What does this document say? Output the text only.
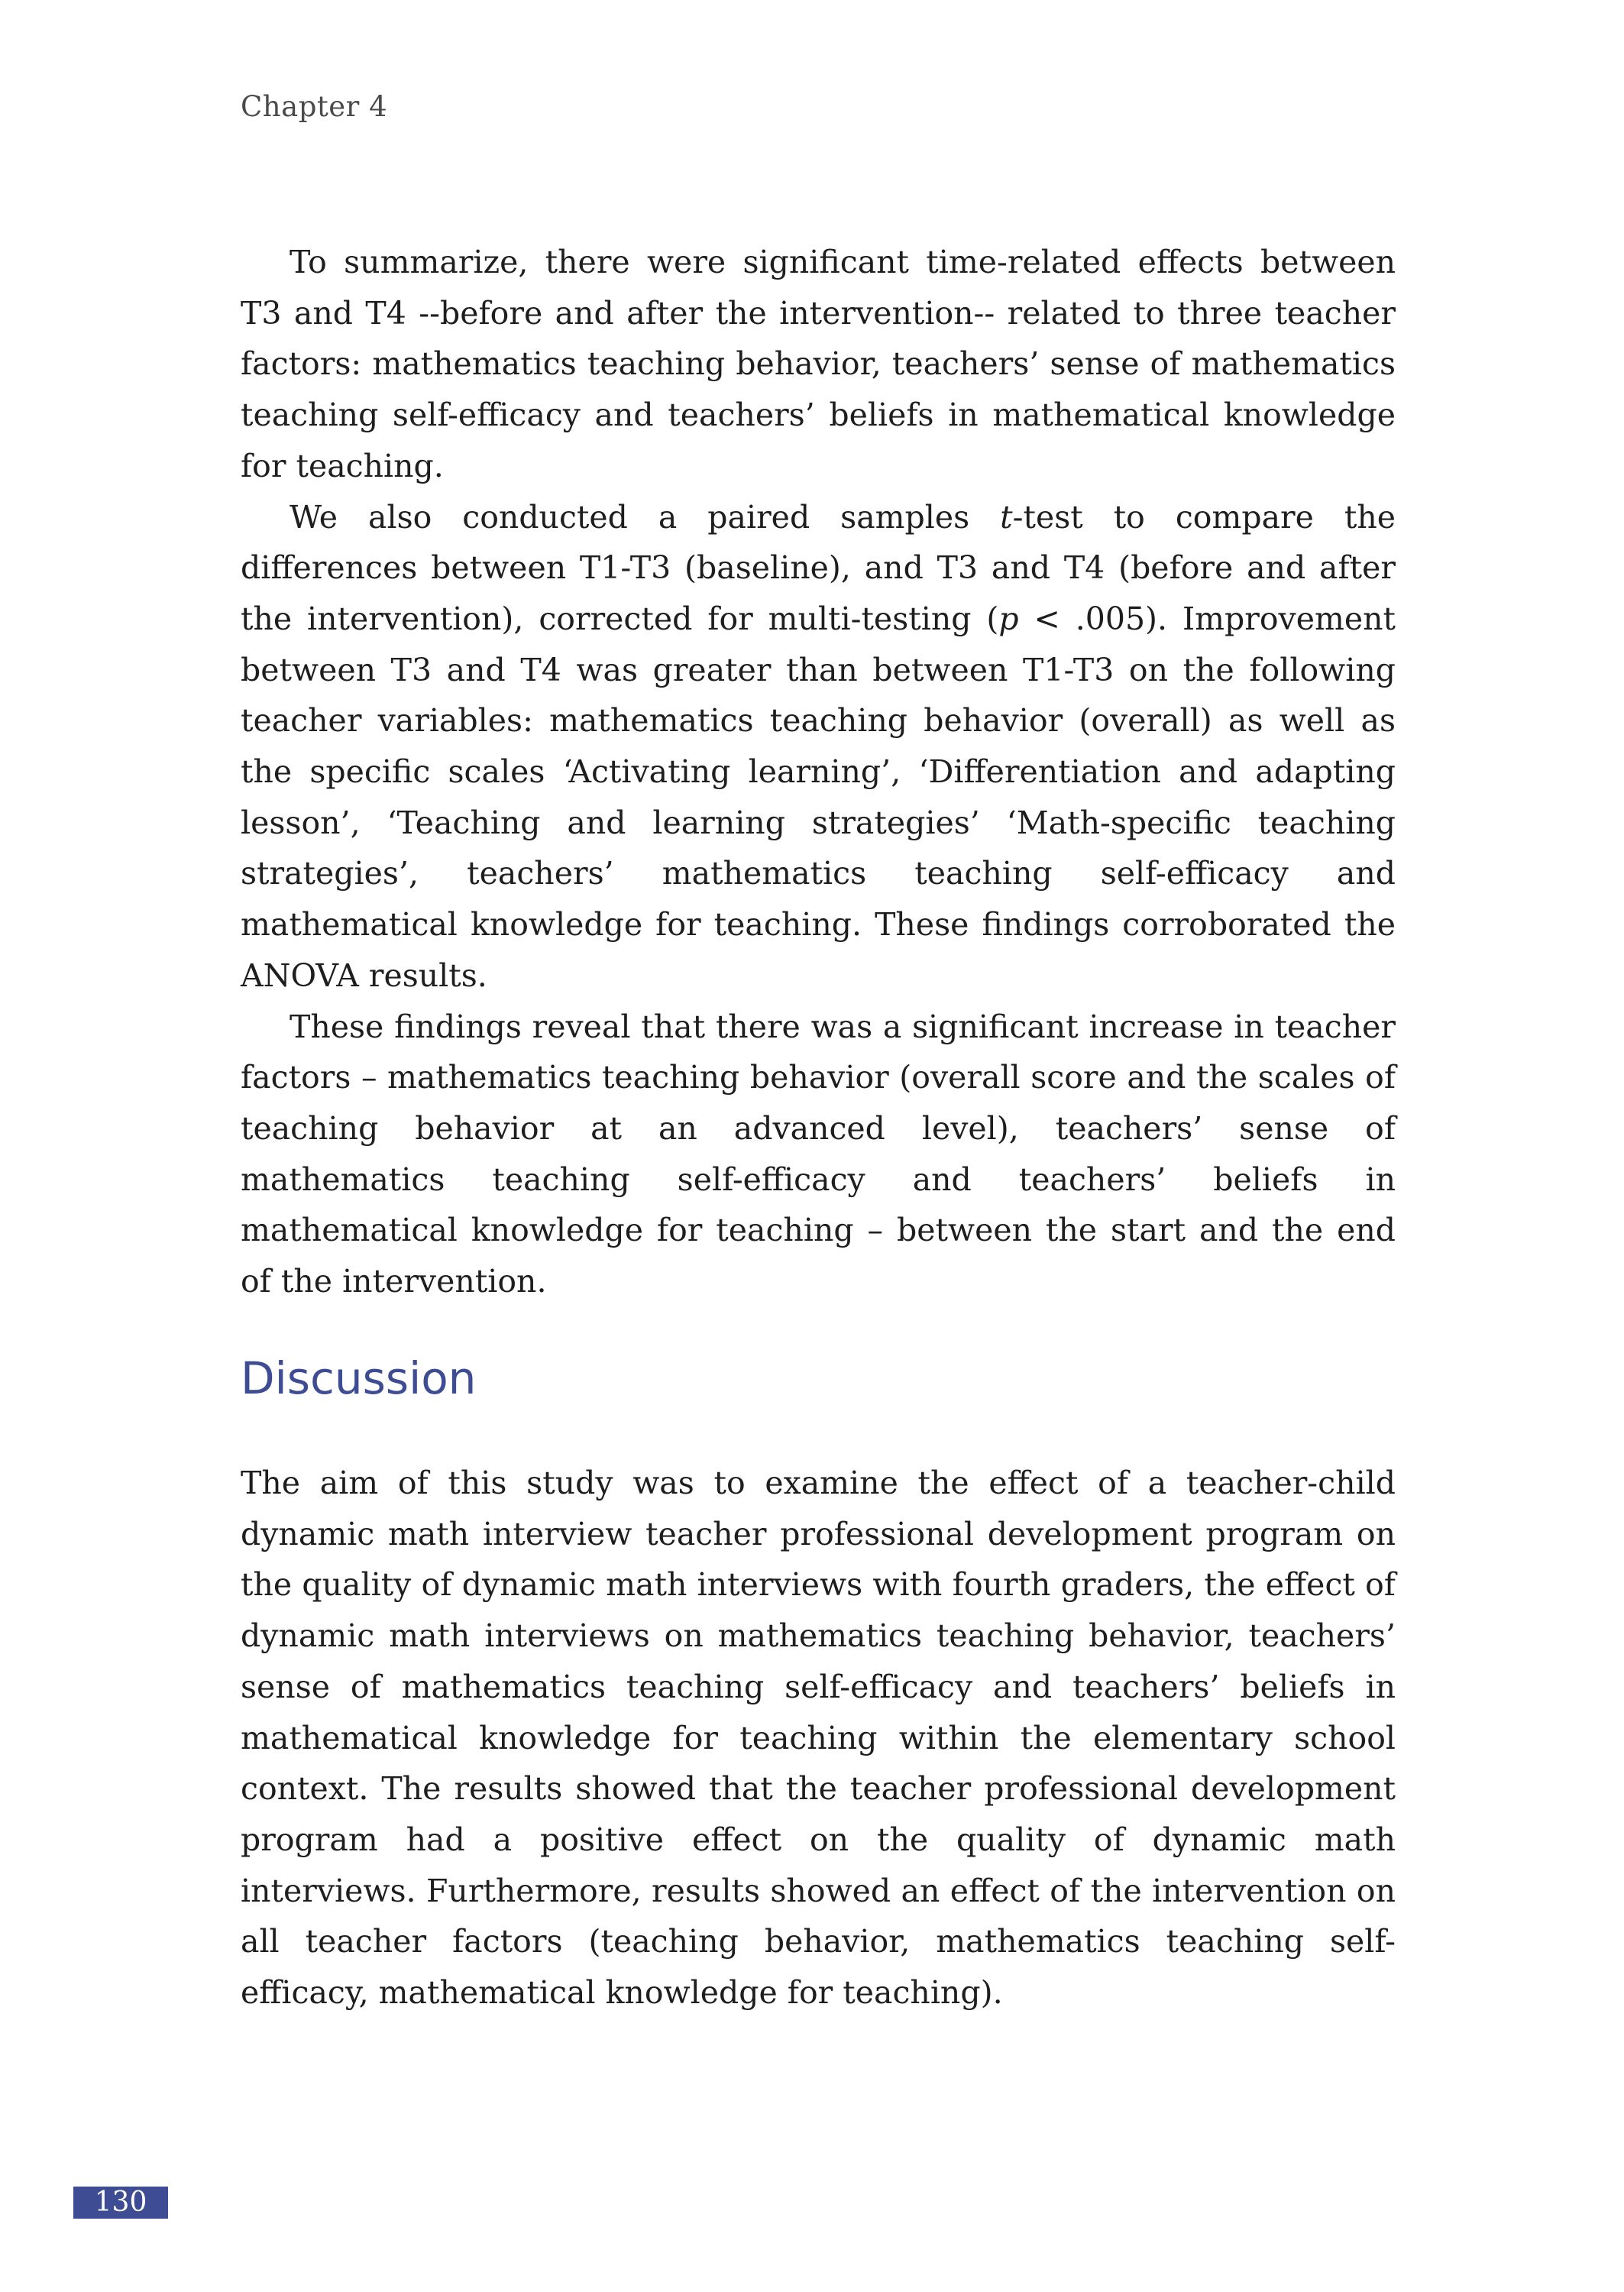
Chapter 4

To summarize, there were significant time-related effects between T3 and T4 --before and after the intervention-- related to three teacher factors: mathematics teaching behavior, teachers’ sense of mathematics teaching self-efficacy and teachers’ beliefs in mathematical knowledge for teaching.

We also conducted a paired samples t-test to compare the differences between T1-T3 (baseline), and T3 and T4 (before and after the intervention), corrected for multi-testing (p < .005). Improvement between T3 and T4 was greater than between T1-T3 on the following teacher variables: mathematics teaching behavior (overall) as well as the specific scales ‘Activating learning’, ‘Differentiation and adapting lesson’, ‘Teaching and learning strategies’ ‘Math-specific teaching strategies’, teachers’ mathematics teaching self-efficacy and mathematical knowledge for teaching. These findings corroborated the ANOVA results.

These findings reveal that there was a significant increase in teacher factors – mathematics teaching behavior (overall score and the scales of teaching behavior at an advanced level), teachers’ sense of mathematics teaching self-efficacy and teachers’ beliefs in mathematical knowledge for teaching – between the start and the end of the intervention.

Discussion

The aim of this study was to examine the effect of a teacher-child dynamic math interview teacher professional development program on the quality of dynamic math interviews with fourth graders, the effect of dynamic math interviews on mathematics teaching behavior, teachers’ sense of mathematics teaching self-efficacy and teachers’ beliefs in mathematical knowledge for teaching within the elementary school context. The results showed that the teacher professional development program had a positive effect on the quality of dynamic math interviews. Furthermore, results showed an effect of the intervention on all teacher factors (teaching behavior, mathematics teaching self-efficacy, mathematical knowledge for teaching).

130
